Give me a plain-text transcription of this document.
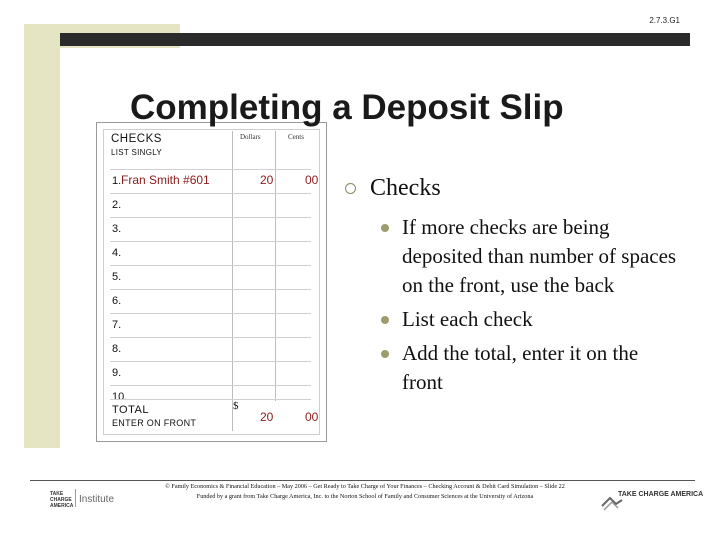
2.7.3.G1
CHECKS
LIST SINGLY
Dollars	Cents
1. Fran Smith #601	20	00
2.
3.
4.
5.
6.
7.
8.
9.
10.
TOTAL
ENTER ON FRONT
$
20	00
Completing a Deposit Slip
Checks
If more checks are being deposited than number of spaces on the front, use the back
List each check
Add the total, enter it on the front
TAKE
CHARGE
AMERICA
Institute
© Family Economics & Financial Education – May 2006 – Get Ready to Take Charge of Your Finances – Checking Account & Debit Card Simulation – Slide 22
Funded by a grant from Take Charge America, Inc. to the Norton School of Family and Consumer Sciences at the University of Arizona	TAKE CHARGE AMERICA
